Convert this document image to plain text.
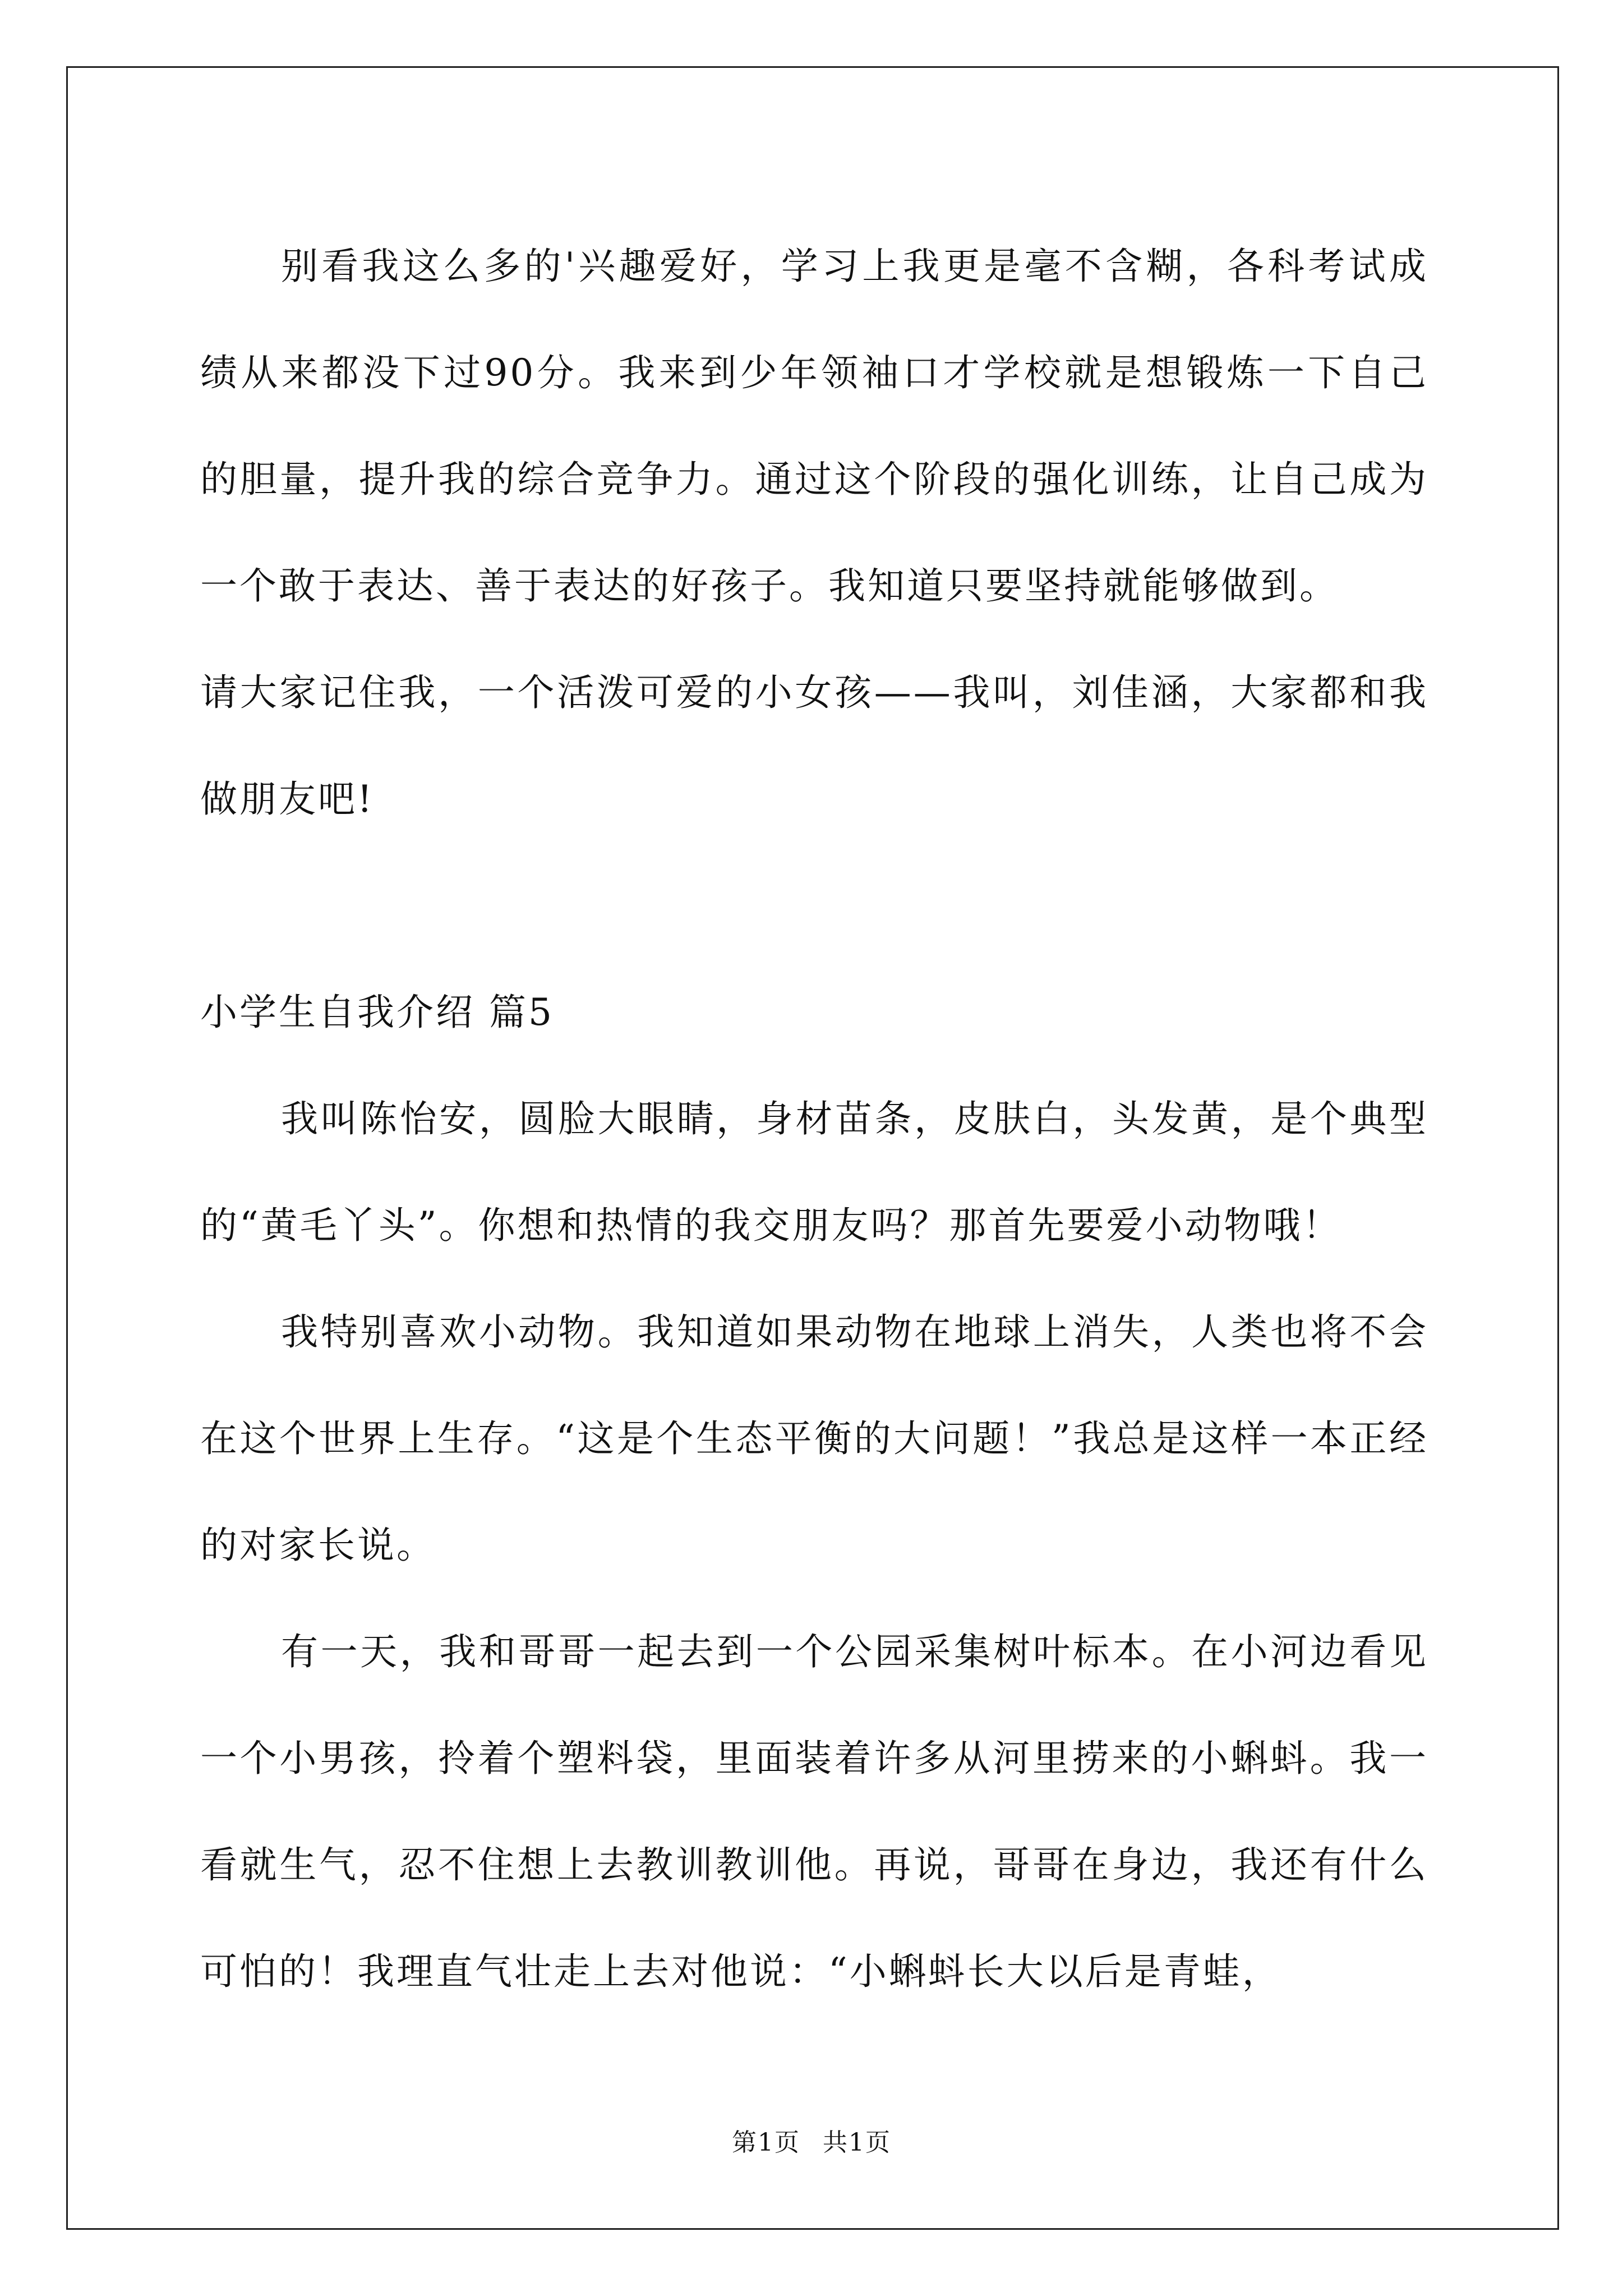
别看我这么多的'兴趣爱好，学习上我更是毫不含糊，各科考试成绩从来都没下过90分。我来到少年领袖口才学校就是想锻炼一下自己的胆量，提升我的综合竞争力。通过这个阶段的强化训练，让自己成为一个敢于表达、善于表达的好孩子。我知道只要坚持就能够做到。

请大家记住我，一个活泼可爱的小女孩——我叫，刘佳涵，大家都和我做朋友吧!

小学生自我介绍 篇5

我叫陈怡安，圆脸大眼睛，身材苗条，皮肤白，头发黄，是个典型的“黄毛丫头”。你想和热情的我交朋友吗？那首先要爱小动物哦！

我特别喜欢小动物。我知道如果动物在地球上消失，人类也将不会在这个世界上生存。“这是个生态平衡的大问题！”我总是这样一本正经的对家长说。

有一天，我和哥哥一起去到一个公园采集树叶标本。在小河边看见一个小男孩，拎着个塑料袋，里面装着许多从河里捞来的小蝌蚪。我一看就生气，忍不住想上去教训教训他。再说，哥哥在身边，我还有什么可怕的！我理直气壮走上去对他说：“小蝌蚪长大以后是青蛙，

第1页 共1页
